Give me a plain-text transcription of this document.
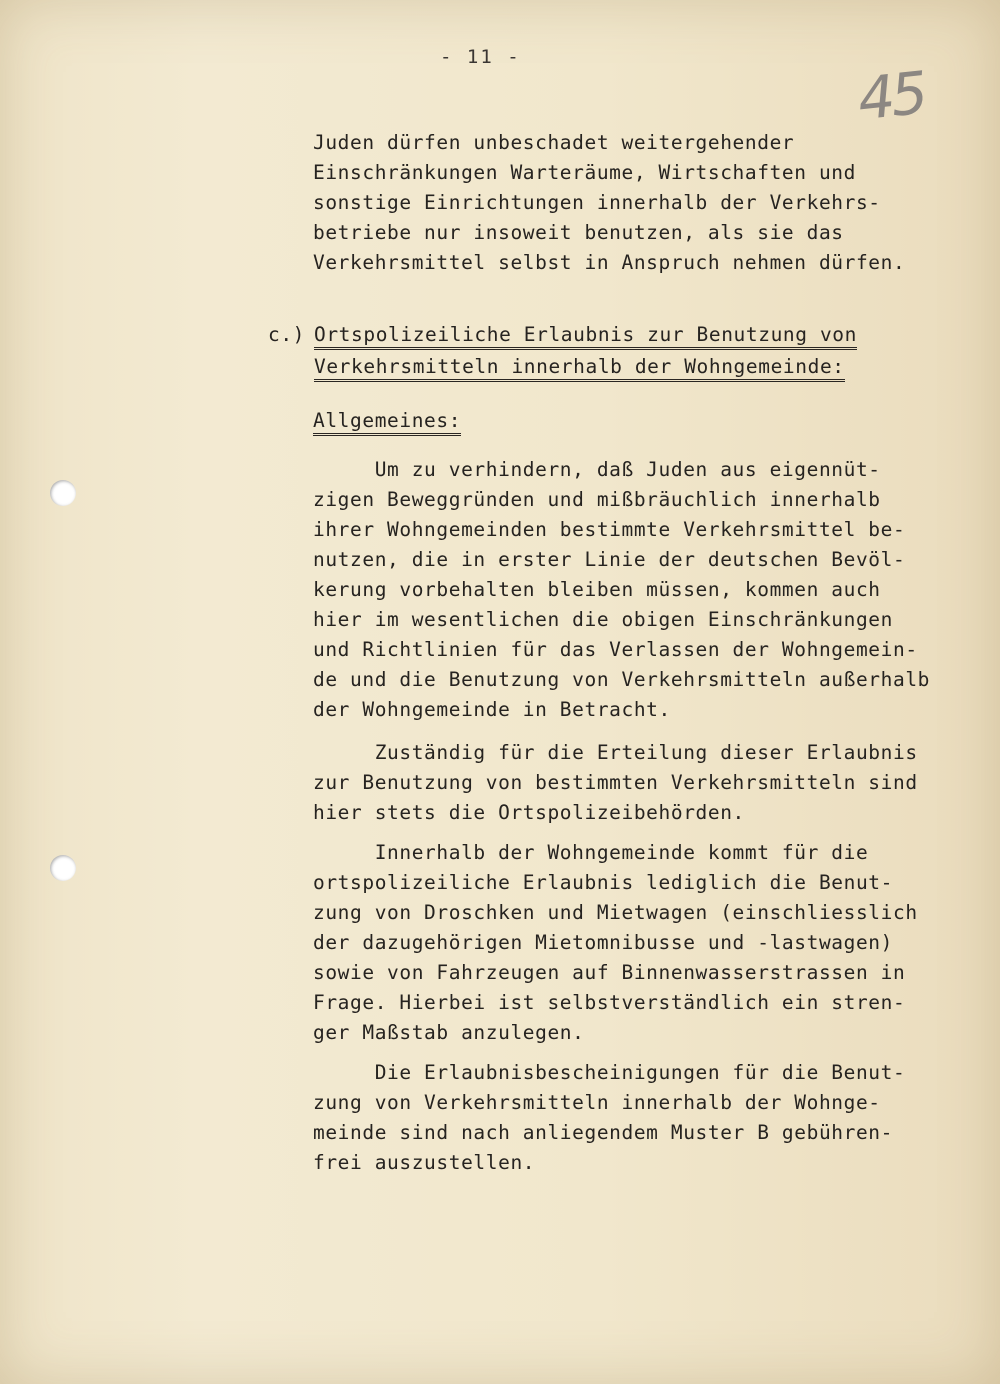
- 11 -
45
Juden dürfen unbeschadet weitergehender
Einschränkungen Warteräume, Wirtschaften und
sonstige Einrichtungen innerhalb der Verkehrs-
betriebe nur insoweit benutzen, als sie das
Verkehrsmittel selbst in Anspruch nehmen dürfen.
c.) Ortspolizeiliche Erlaubnis zur Benutzung von
Verkehrsmitteln innerhalb der Wohngemeinde:
Allgemeines:
Um zu verhindern, daß Juden aus eigennüt-
zigen Beweggründen und mißbräuchlich innerhalb
ihrer Wohngemeinden bestimmte Verkehrsmittel be-
nutzen, die in erster Linie der deutschen Bevöl-
kerung vorbehalten bleiben müssen, kommen auch
hier im wesentlichen die obigen Einschränkungen
und Richtlinien für das Verlassen der Wohngemein-
de und die Benutzung von Verkehrsmitteln außerhalb
der Wohngemeinde in Betracht.
Zuständig für die Erteilung dieser Erlaubnis
zur Benutzung von bestimmten Verkehrsmitteln sind
hier stets die Ortspolizeibehörden.
Innerhalb der Wohngemeinde kommt für die
ortspolizeiliche Erlaubnis lediglich die Benut-
zung von Droschken und Mietwagen (einschliesslich
der dazugehörigen Mietomnibusse und -lastwagen)
sowie von Fahrzeugen auf Binnenwasserstrassen in
Frage. Hierbei ist selbstverständlich ein stren-
ger Maßstab anzulegen.
Die Erlaubnisbescheinigungen für die Benut-
zung von Verkehrsmitteln innerhalb der Wohnge-
meinde sind nach anliegendem Muster B gebühren-
frei auszustellen.
